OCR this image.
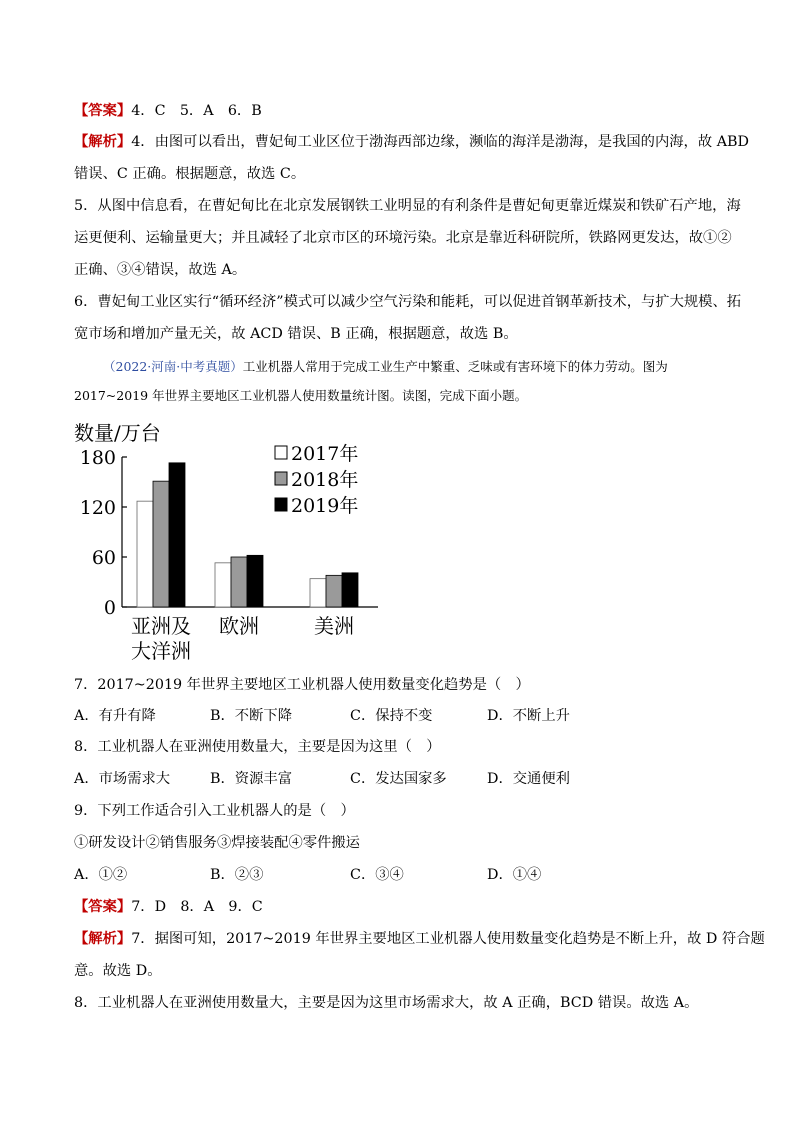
【答案】4．C　5．A　6．B
【解析】4．由图可以看出，曹妃甸工业区位于渤海西部边缘，濒临的海洋是渤海，是我国的内海，故 ABD
错误、C 正确。根据题意，故选 C。
5．从图中信息看，在曹妃甸比在北京发展钢铁工业明显的有利条件是曹妃甸更靠近煤炭和铁矿石产地，海
运更便利、运输量更大；并且减轻了北京市区的环境污染。北京是靠近科研院所，铁路网更发达，故①②
正确、③④错误，故选 A。
6．曹妃甸工业区实行“循环经济”模式可以减少空气污染和能耗，可以促进首钢革新技术，与扩大规模、拓
宽市场和增加产量无关，故 ACD 错误、B 正确，根据题意，故选 B。
（2022·河南·中考真题）工业机器人常用于完成工业生产中繁重、乏味或有害环境下的体力劳动。图为
2017~2019 年世界主要地区工业机器人使用数量统计图。读图，完成下面小题。
数量/万台
0
60
120
180	2017年
2018年
2019年
亚洲及
大洋洲
欧洲	美洲
7．2017~2019 年世界主要地区工业机器人使用数量变化趋势是（　）
A．有升有降	B．不断下降	C．保持不变	D．不断上升
8．工业机器人在亚洲使用数量大，主要是因为这里（　）
A．市场需求大	B．资源丰富	C．发达国家多	D．交通便利
9．下列工作适合引入工业机器人的是（　）
①研发设计②销售服务③焊接装配④零件搬运
A．①②	B．②③	C．③④	D．①④
【答案】7．D　8．A　9．C
【解析】7．据图可知，2017~2019 年世界主要地区工业机器人使用数量变化趋势是不断上升，故 D 符合题
意。故选 D。
8．工业机器人在亚洲使用数量大，主要是因为这里市场需求大，故 A 正确，BCD 错误。故选 A。
